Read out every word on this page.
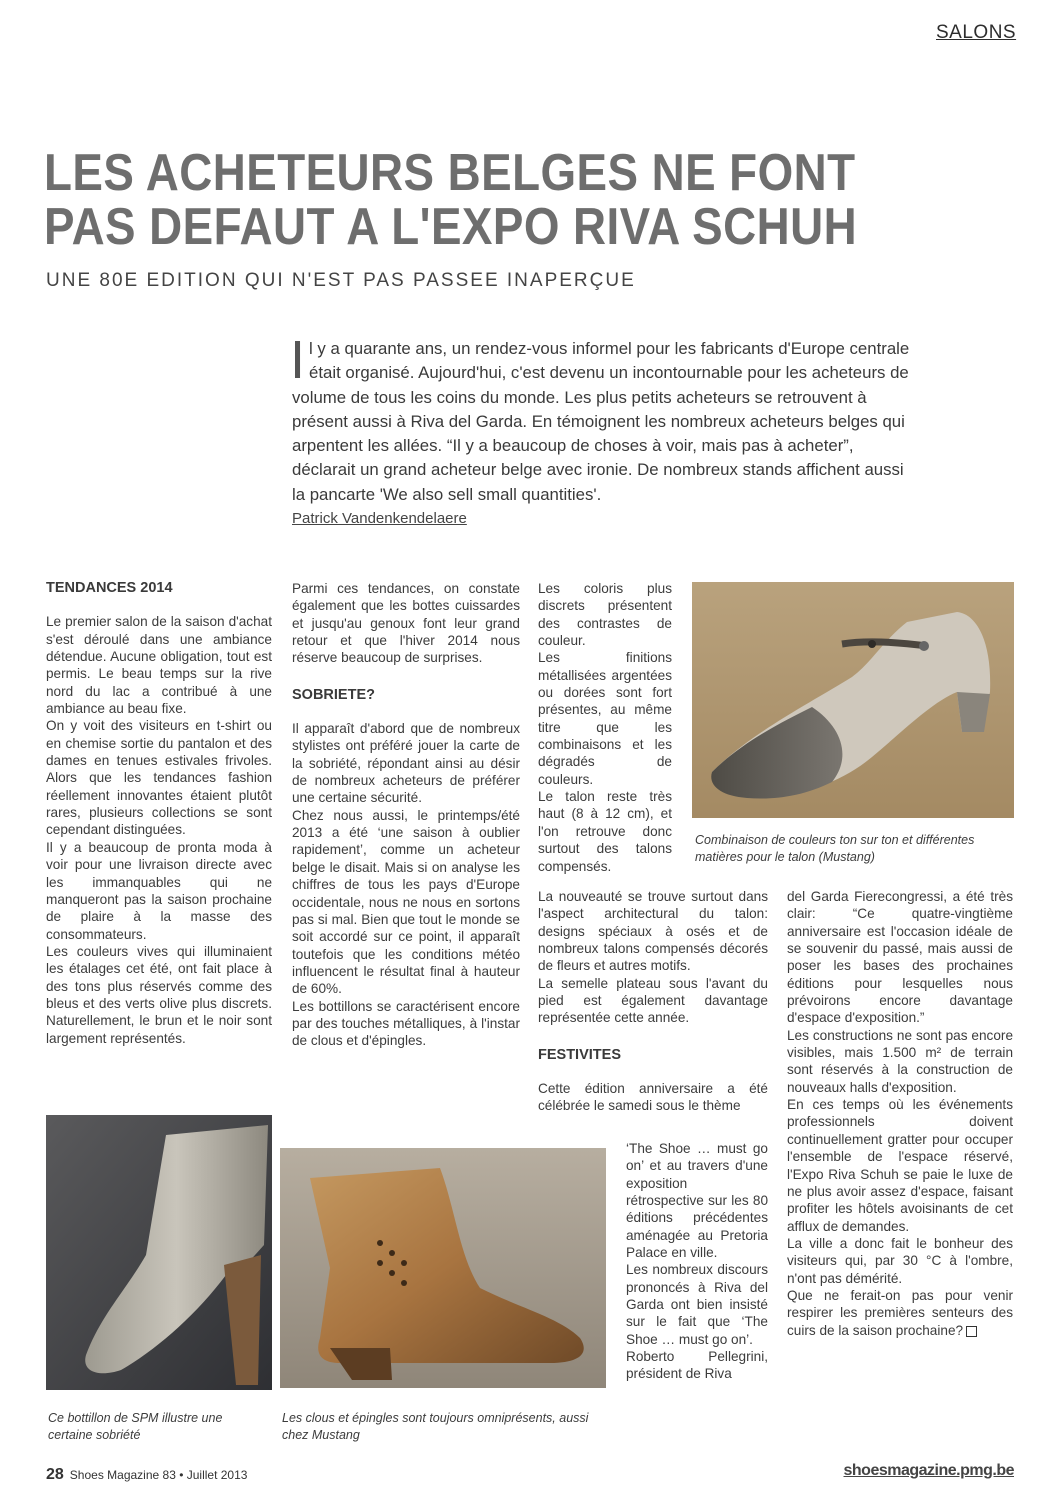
SALONS
LES ACHETEURS BELGES NE FONT
PAS DEFAUT A L'EXPO RIVA SCHUH
UNE 80E EDITION QUI N'EST PAS PASSEE INAPERÇUE
Il y a quarante ans, un rendez-vous informel pour les fabricants d'Europe centrale était organisé. Aujourd'hui, c'est devenu un incontournable pour les acheteurs de volume de tous les coins du monde. Les plus petits acheteurs se retrouvent à présent aussi à Riva del Garda. En témoignent les nombreux acheteurs belges qui arpentent les allées. “Il y a beaucoup de choses à voir, mais pas à acheter”, déclarait un grand acheteur belge avec ironie. De nombreux stands affichent aussi la pancarte 'We also sell small quantities'.
Patrick Vandenkendelaere

TENDANCES 2014

Le premier salon de la saison d'achat s'est déroulé dans une ambiance détendue. Aucune obligation, tout est permis. Le beau temps sur la rive nord du lac a contribué à une ambiance au beau fixe.

On y voit des visiteurs en t-shirt ou en chemise sortie du pantalon et des dames en tenues estivales frivoles. Alors que les tendances fashion réellement innovantes étaient plutôt rares, plusieurs collections se sont cependant distinguées.

Il y a beaucoup de pronta moda à voir pour une livraison directe avec les immanquables qui ne manqueront pas la saison prochaine de plaire à la masse des consommateurs.

Les couleurs vives qui illuminaient les étalages cet été, ont fait place à des tons plus réservés comme des bleus et des verts olive plus discrets. Naturellement, le brun et le noir sont largement représentés.

Parmi ces tendances, on constate également que les bottes cuissardes et jusqu'au genoux font leur grand retour et que l'hiver 2014 nous réserve beaucoup de surprises.

SOBRIETE?

Il apparaît d'abord que de nombreux stylistes ont préféré jouer la carte de la sobriété, répondant ainsi au désir de nombreux acheteurs de préférer une certaine sécurité.

Chez nous aussi, le printemps/été 2013 a été ‘une saison à oublier rapidement’, comme un acheteur belge le disait. Mais si on analyse les chiffres de tous les pays d'Europe occidentale, nous ne nous en sortons pas si mal. Bien que tout le monde se soit accordé sur ce point, il apparaît toutefois que les conditions météo influencent le résultat final à hauteur de 60%.

Les bottillons se caractérisent encore par des touches métalliques, à l'instar de clous et d'épingles.

Les coloris plus discrets présentent des contrastes de couleur.

Les finitions métallisées argentées ou dorées sont fort présentes, au même titre que les combinaisons et les dégradés de couleurs.

Le talon reste très haut (8 à 12 cm), et l'on retrouve donc surtout des talons compensés.

La nouveauté se trouve surtout dans l'aspect architectural du talon: designs spéciaux à osés et de nombreux talons compensés décorés de fleurs et autres motifs.

La semelle plateau sous l'avant du pied est également davantage représentée cette année.

FESTIVITES

Cette édition anniversaire a été célébrée le samedi sous le thème

‘The Shoe … must go on’ et au travers d'une exposition rétrospective sur les 80 éditions précédentes aménagée au Pretoria Palace en ville.

Les nombreux discours prononcés à Riva del Garda ont bien insisté sur le fait que ‘The Shoe … must go on’.

Roberto Pellegrini, président de Riva

del Garda Fierecongressi, a été très clair: “Ce quatre-vingtième anniversaire est l'occasion idéale de se souvenir du passé, mais aussi de poser les bases des prochaines éditions pour lesquelles nous prévoirons encore davantage d'espace d'exposition.”

Les constructions ne sont pas encore visibles, mais 1.500 m² de terrain sont réservés à la construction de nouveaux halls d'exposition.

En ces temps où les événements professionnels doivent continuellement gratter pour occuper l'ensemble de l'espace réservé, l'Expo Riva Schuh se paie le luxe de ne plus avoir assez d'espace, faisant profiter les hôtels avoisinants de cet afflux de demandes.

La ville a donc fait le bonheur des visiteurs qui, par 30 °C à l'ombre, n'ont pas démérité.

Que ne ferait-on pas pour venir respirer les premières senteurs des cuirs de la saison prochaine?

Combinaison de couleurs ton sur ton et différentes matières pour le talon (Mustang)
Ce bottillon de SPM illustre une certaine sobriété
Les clous et épingles sont toujours omniprésents, aussi chez Mustang
28 Shoes Magazine 83 • Juillet 2013	shoesmagazine.pmg.be
